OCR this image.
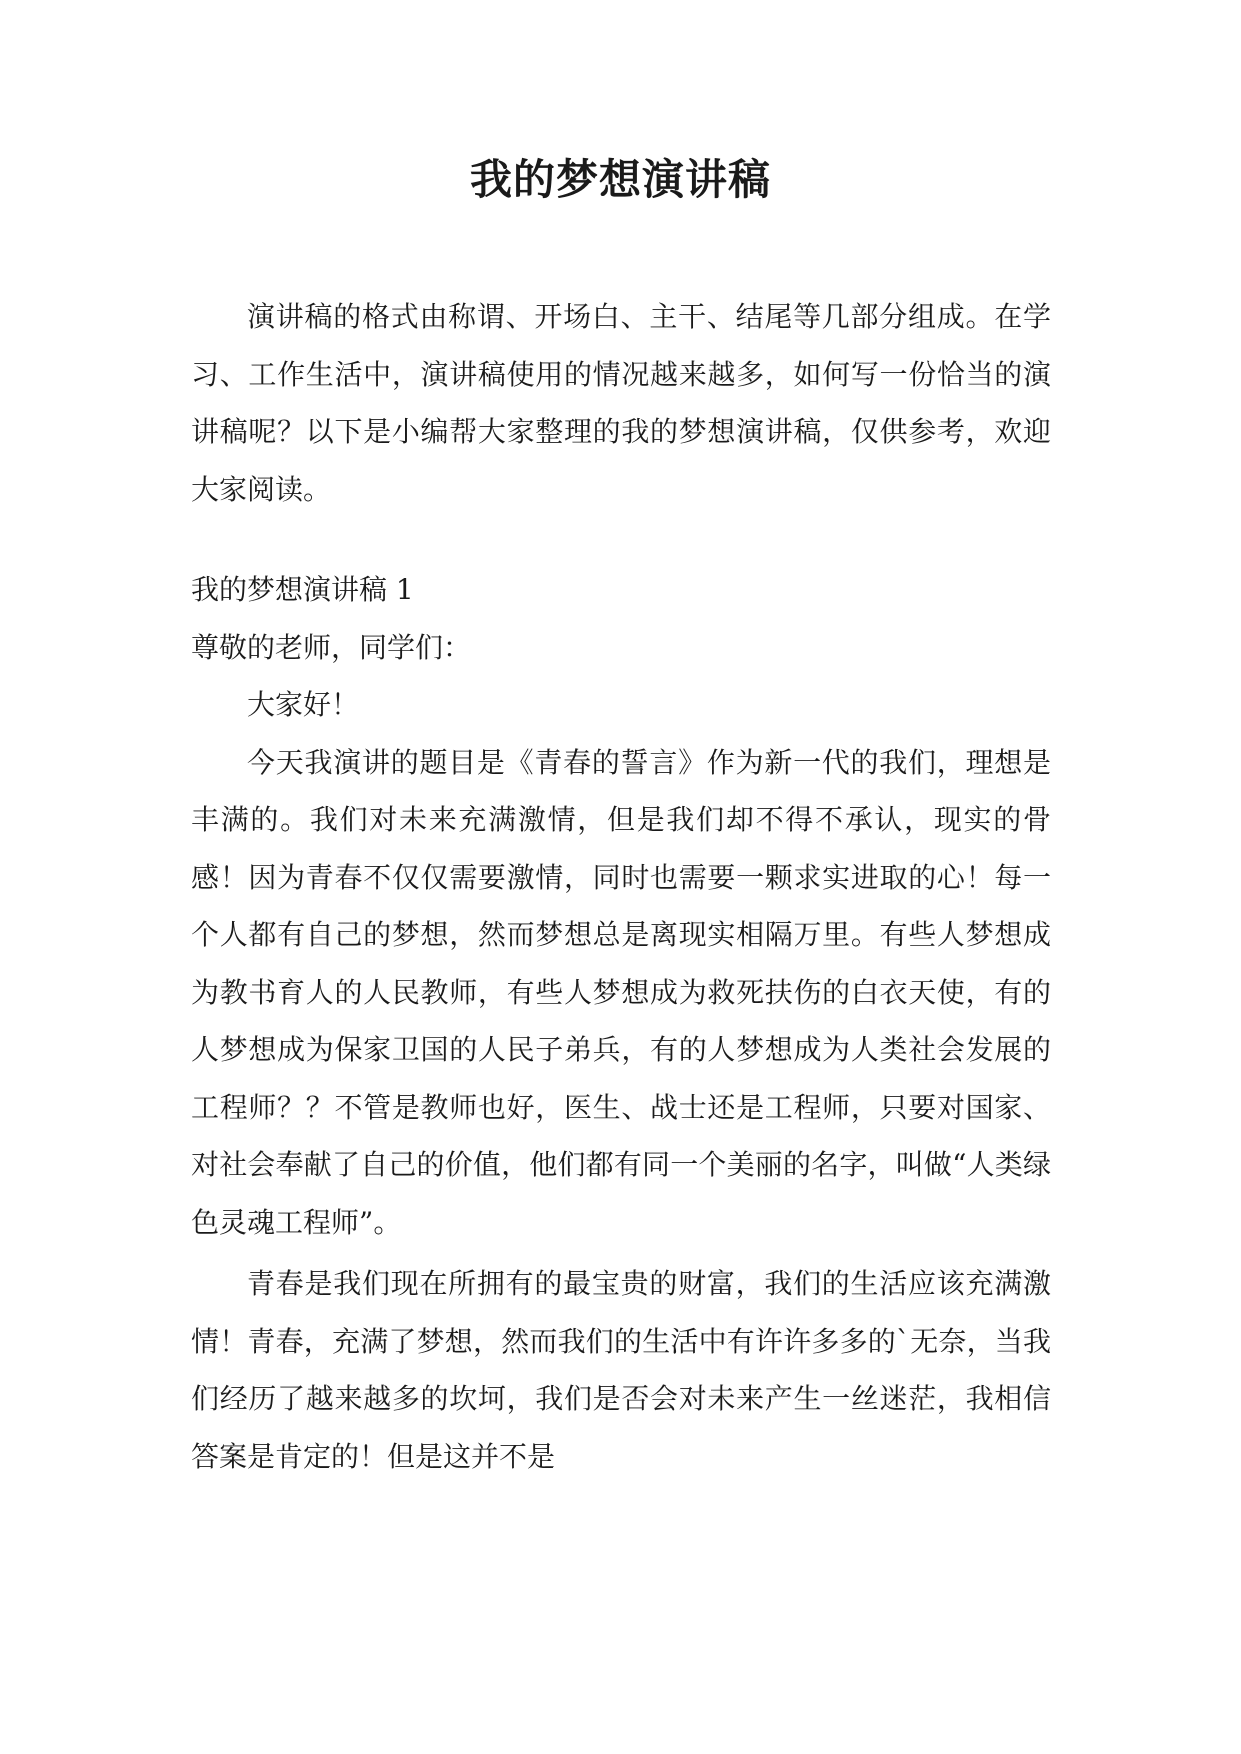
我的梦想演讲稿

演讲稿的格式由称谓、开场白、主干、结尾等几部分组成。在学习、工作生活中，演讲稿使用的情况越来越多，如何写一份恰当的演讲稿呢？以下是小编帮大家整理的我的梦想演讲稿，仅供参考，欢迎大家阅读。

我的梦想演讲稿 1

尊敬的老师，同学们：

大家好！

今天我演讲的题目是《青春的誓言》作为新一代的我们，理想是丰满的。我们对未来充满激情，但是我们却不得不承认，现实的骨感！因为青春不仅仅需要激情，同时也需要一颗求实进取的心！每一个人都有自己的梦想，然而梦想总是离现实相隔万里。有些人梦想成为教书育人的人民教师，有些人梦想成为救死扶伤的白衣天使，有的人梦想成为保家卫国的人民子弟兵，有的人梦想成为人类社会发展的工程师？？不管是教师也好，医生、战士还是工程师，只要对国家、对社会奉献了自己的价值，他们都有同一个美丽的名字，叫做“人类绿色灵魂工程师”。

青春是我们现在所拥有的最宝贵的财富，我们的生活应该充满激情！青春，充满了梦想，然而我们的生活中有许许多多的`无奈，当我们经历了越来越多的坎坷，我们是否会对未来产生一丝迷茫，我相信答案是肯定的！但是这并不是
